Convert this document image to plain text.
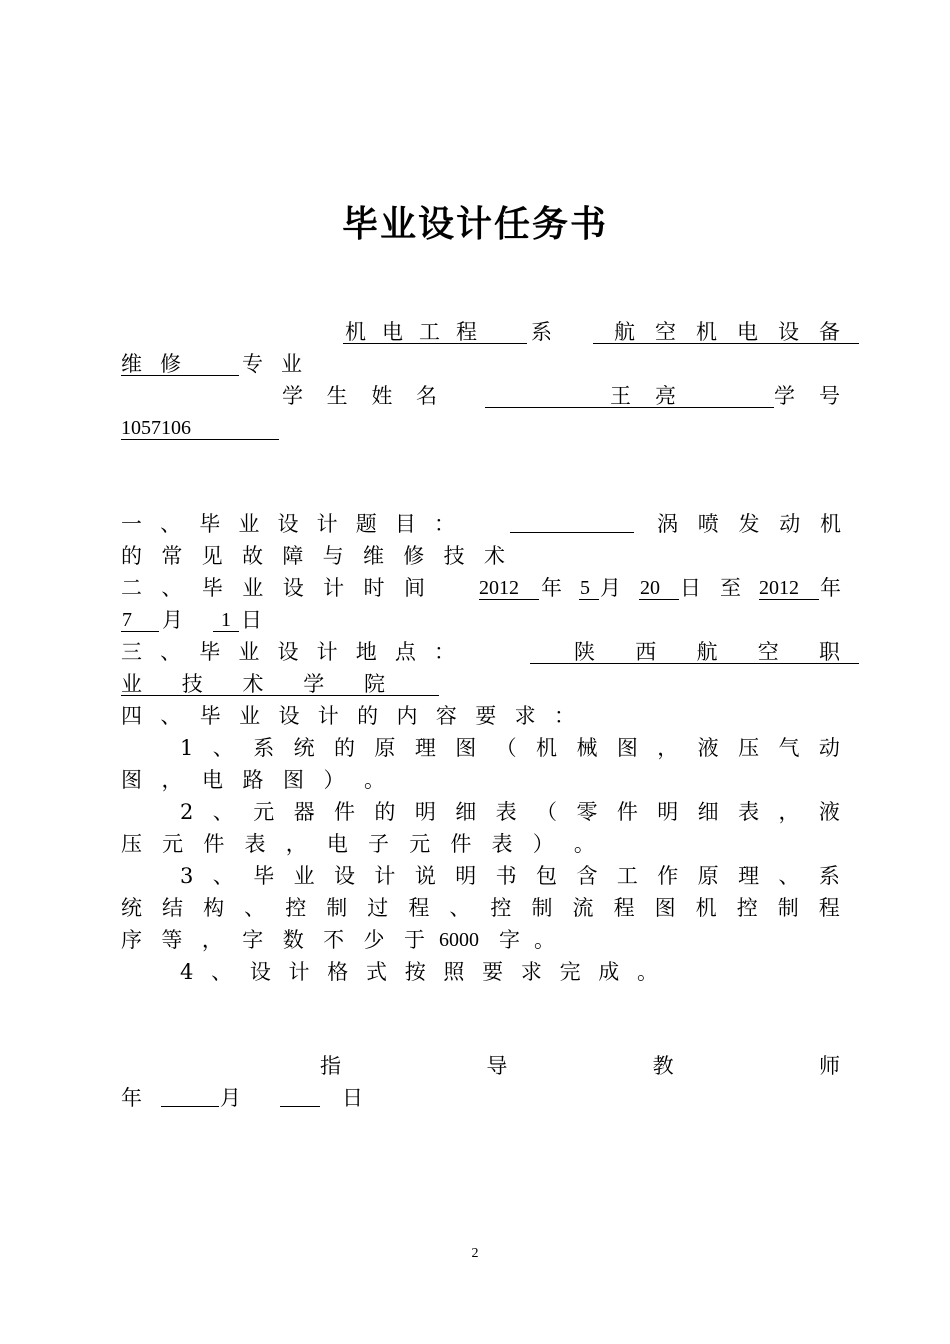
毕业设计任务书
机 电 工 程	系	航 空 机 电 设 备
维 修	专 业
学 生 姓 名	王 亮	学 号
1057106
一 、 毕 业 设 计 题 目 ：	涡 喷 发 动 机
的 常 见 故 障 与 维 修 技 术
二 、 毕 业 设 计 时 间	2012 年 5 月 20 日 至 2012 年
7 月 1 日
三 、 毕 业 设 计 地 点 ：	陕 西 航 空 职
业 技 术 学 院
四 、 毕 业 设 计 的 内 容 要 求 ：
1 、 系 统 的 原 理 图 （ 机 械 图 ， 液 压 气 动
图 ， 电 路 图 ） 。
2 、 元 器 件 的 明 细 表 （ 零 件 明 细 表 ， 液
压 元 件 表 ， 电 子 元 件 表 ） 。
3 、 毕 业 设 计 说 明 书 包 含 工 作 原 理 、 系
统 结 构 、 控 制 过 程 、 控 制 流 程 图 机 控 制 程
序 等 ， 字 数 不 少 于 6000 字 。
4 、 设 计 格 式 按 照 要 求 完 成 。
指	导	教	师
年	月	日
2
